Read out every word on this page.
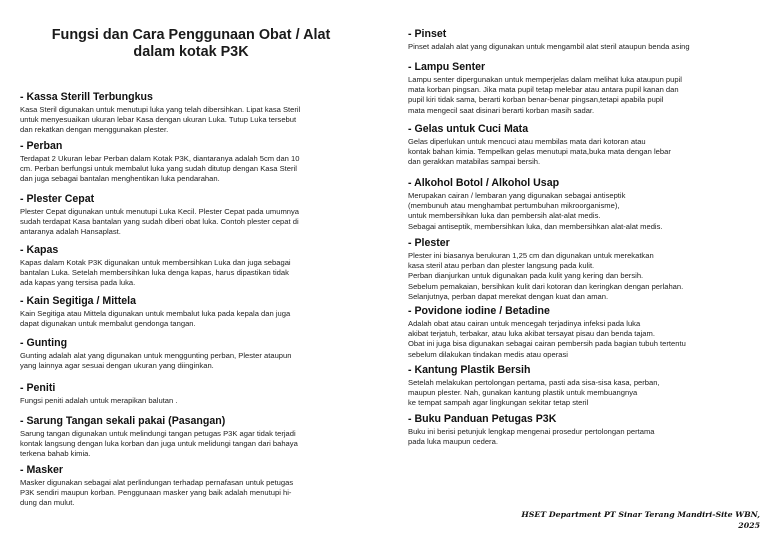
Fungsi dan Cara Penggunaan Obat / Alat
dalam kotak P3K
- Kassa Sterill Terbungkus

Kasa Steril digunakan untuk menutupi luka yang telah dibersihkan. Lipat kasa Steril
untuk menyesuaikan ukuran lebar Kasa dengan ukuran Luka. Tutup Luka tersebut
dan rekatkan dengan menggunakan plester.

- Perban

Terdapat 2 Ukuran lebar Perban dalam Kotak P3K, diantaranya adalah 5cm dan 10
cm. Perban berfungsi untuk membalut luka yang sudah ditutup dengan Kasa Steril
dan juga sebagai bantalan menghentikan luka pendarahan.

- Plester Cepat

Plester Cepat digunakan untuk menutupi Luka Kecil. Plester Cepat pada umumnya
sudah terdapat Kasa bantalan yang sudah diberi obat luka. Contoh plester cepat di
antaranya adalah Hansaplast.

- Kapas

Kapas dalam Kotak P3K digunakan untuk membersihkan Luka dan juga sebagai
bantalan Luka. Setelah membersihkan luka denga kapas, harus dipastikan tidak
ada kapas yang tersisa pada luka.

- Kain Segitiga / Mittela

Kain Segitiga atau Mittela digunakan untuk membalut luka pada kepala dan juga
dapat digunakan untuk membalut gendonga tangan.

- Gunting

Gunting adalah alat yang digunakan untuk menggunting perban, Plester ataupun
yang lainnya agar sesuai dengan ukuran yang diinginkan.

- Peniti

Fungsi peniti adalah untuk merapikan balutan .

- Sarung Tangan sekali pakai (Pasangan)

Sarung tangan digunakan untuk melindungi tangan petugas P3K agar tidak terjadi
kontak langsung dengan luka korban dan juga untuk melidungi tangan dari bahaya
terkena bahab kimia.

- Masker

Masker digunakan sebagai alat perlindungan terhadap pernafasan untuk petugas
P3K sendiri maupun korban. Penggunaan masker yang baik adalah menutupi hi-
dung dan mulut.

- Pinset

Pinset adalah alat yang digunakan untuk mengambil alat steril ataupun benda asing

- Lampu Senter

Lampu senter dipergunakan untuk memperjelas dalam melihat luka ataupun pupil
mata korban pingsan. Jika mata pupil tetap melebar atau antara pupil kanan dan
pupil kiri tidak sama, berarti korban benar-benar pingsan,tetapi apabila pupil
mata mengecil saat disinari berarti korban masih sadar.

- Gelas untuk Cuci Mata

Gelas diperlukan untuk mencuci atau membilas mata dari kotoran atau
kontak bahan kimia. Tempelkan gelas menutupi mata,buka mata dengan lebar
dan gerakkan matabilas sampai bersih.

- Alkohol Botol / Alkohol Usap

Merupakan cairan / lembaran yang digunakan sebagai antiseptik
(membunuh atau menghambat pertumbuhan mikroorganisme),
untuk membersihkan luka dan pembersih alat-alat medis.
Sebagai antiseptik, membersihkan luka, dan membersihkan alat-alat medis.

- Plester

Plester ini biasanya berukuran 1,25 cm dan digunakan untuk merekatkan
kasa steril atau perban dan plester langsung pada kulit.
Perban dianjurkan untuk digunakan pada kulit yang kering dan bersih.
Sebelum pemakaian, bersihkan kulit dari kotoran dan keringkan dengan perlahan.
Selanjutnya, perban dapat merekat dengan kuat dan aman.

- Povidone iodine / Betadine

Adalah obat atau cairan untuk mencegah terjadinya infeksi pada luka
akibat terjatuh, terbakar, atau luka akibat tersayat pisau dan benda tajam.
Obat ini juga bisa digunakan sebagai cairan pembersih pada bagian tubuh tertentu
sebelum dilakukan tindakan medis atau operasi

- Kantung Plastik Bersih

Setelah melakukan pertolongan pertama, pasti ada sisa-sisa kasa, perban,
maupun plester. Nah, gunakan kantung plastik untuk membuangnya
ke tempat sampah agar lingkungan sekitar tetap steril

- Buku Panduan Petugas P3K

Buku ini berisi petunjuk lengkap mengenai prosedur pertolongan pertama
pada luka maupun cedera.

HSET Department PT Sinar Terang Mandiri-Site WBN,
2025
